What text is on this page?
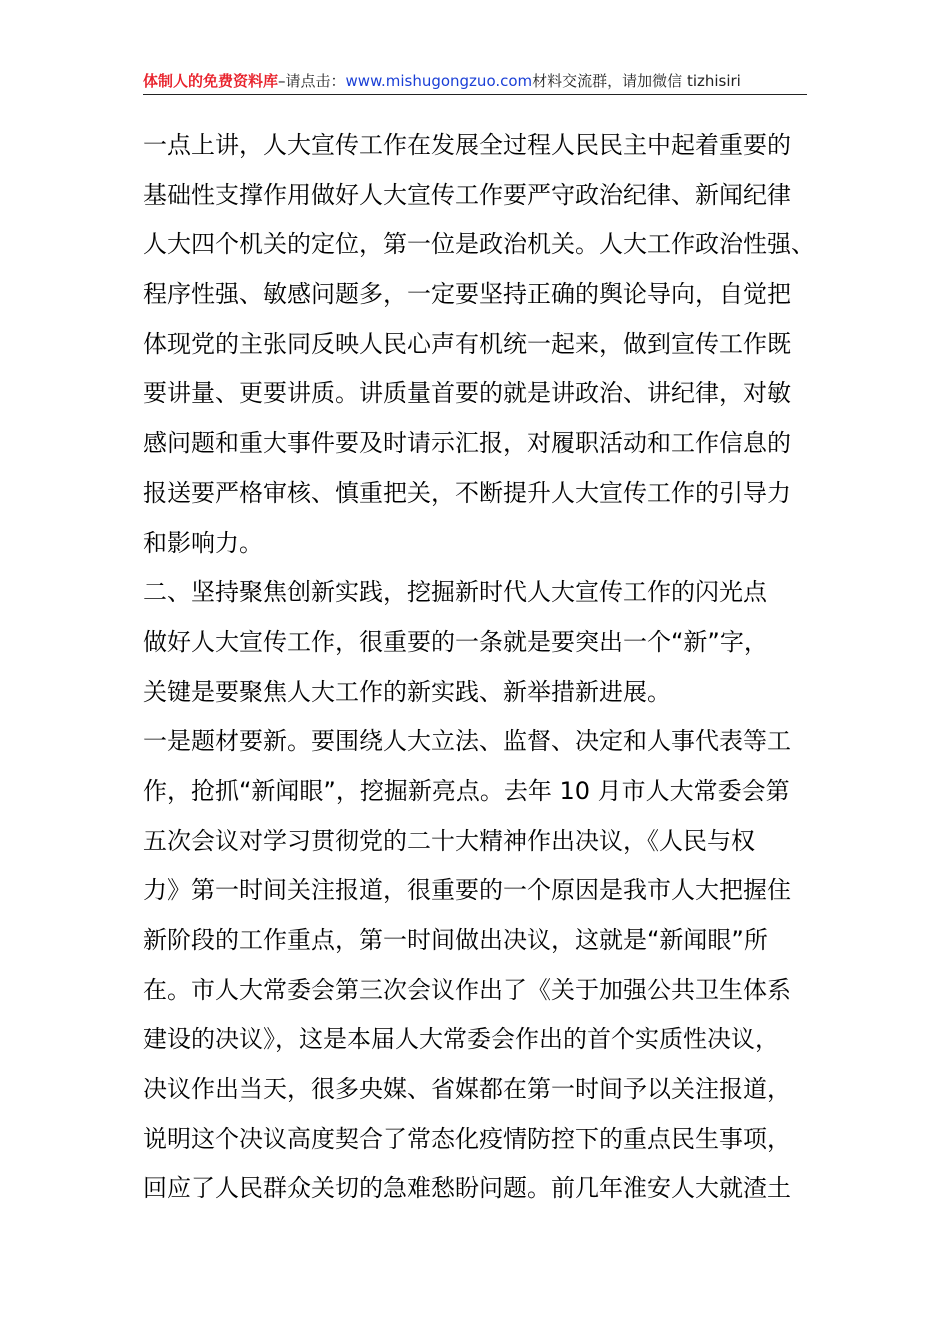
体制人的免费资料库–请点击：www.mishugongzuo.com材料交流群，请加微信 tizhisiri
一点上讲，人大宣传工作在发展全过程人民民主中起着重要的
基础性支撑作用做好人大宣传工作要严守政治纪律、新闻纪律
人大四个机关的定位，第一位是政治机关。人大工作政治性强、
程序性强、敏感问题多，一定要坚持正确的舆论导向，自觉把
体现党的主张同反映人民心声有机统一起来，做到宣传工作既
要讲量、更要讲质。讲质量首要的就是讲政治、讲纪律，对敏
感问题和重大事件要及时请示汇报，对履职活动和工作信息的
报送要严格审核、慎重把关，不断提升人大宣传工作的引导力
和影响力。
二、坚持聚焦创新实践，挖掘新时代人大宣传工作的闪光点
做好人大宣传工作，很重要的一条就是要突出一个“新”字，
关键是要聚焦人大工作的新实践、新举措新进展。
一是题材要新。要围绕人大立法、监督、决定和人事代表等工
作，抢抓“新闻眼”，挖掘新亮点。去年 10 月市人大常委会第
五次会议对学习贯彻党的二十大精神作出决议，《人民与权
力》第一时间关注报道，很重要的一个原因是我市人大把握住
新阶段的工作重点，第一时间做出决议，这就是“新闻眼”所
在。市人大常委会第三次会议作出了《关于加强公共卫生体系
建设的决议》，这是本届人大常委会作出的首个实质性决议，
决议作出当天，很多央媒、省媒都在第一时间予以关注报道，
说明这个决议高度契合了常态化疫情防控下的重点民生事项，
回应了人民群众关切的急难愁盼问题。前几年淮安人大就渣土
